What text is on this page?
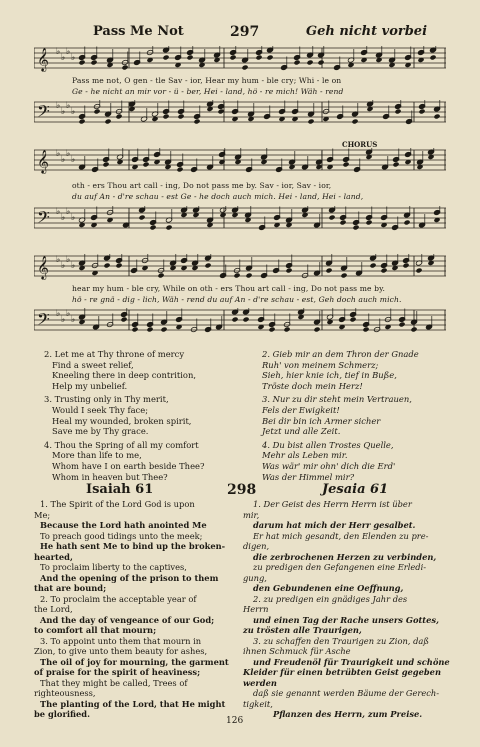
Pass Me Not	297	Geh nicht vorbei
𝄞 ♭
♭
♭
♭
Pass me not, O gen - tle Sav - ior, Hear my hum - ble cry; Whi - le on
Ge - he nicht an mir vor - ü - ber, Hei - land, hö - re mich! Wäh - rend
𝄢 ♭
♭
♭
♭
CHORUS
𝄞 ♭
♭
♭
♭
oth - ers Thou art call - ing, Do not pass me by. Sav - ior, Sav - ior,
du auf An - d're schau - est Ge - he doch auch mich. Hei - land, Hei - land,
𝄢 ♭
♭
♭
♭
𝄞 ♭
♭
♭
♭
hear my hum - ble cry, While on oth - ers Thou art call - ing, Do not pass me by.
hö - re gnä - dig - lich, Wäh - rend du auf An - d're schau - est, Geh doch auch mich.
𝄢 ♭
♭
♭
♭
2. Let me at Thy throne of mercy
Find a sweet relief,
Kneeling there in deep contrition,
Help my unbelief.
3. Trusting only in Thy merit,
Would I seek Thy face;
Heal my wounded, broken spirit,
Save me by Thy grace.
4. Thou the Spring of all my comfort
More than life to me,
Whom have I on earth beside Thee?
Whom in heaven but Thee?
2. Gieb mir an dem Thron der Gnade
Ruh' von meinem Schmerz;
Sieh, hier knie ich, tief in Buße,
Tröste doch mein Herz!
3. Nur zu dir steht mein Vertrauen,
Fels der Ewigkeit!
Bei dir bin ich Armer sicher
Jetzt und alle Zeit.
4. Du bist allen Trostes Quelle,
Mehr als Leben mir.
Was wär' mir ohn' dich die Erd'
Was der Himmel mir?
Isaiah 61	298	Jesaia 61
1. The Spirit of the Lord God is upon
Me;
Because the Lord hath anointed Me
To preach good tidings unto the meek;
He hath sent Me to bind up the broken-
hearted,
To proclaim liberty to the captives,
And the opening of the prison to them
that are bound;
2. To proclaim the acceptable year of
the Lord,
And the day of vengeance of our God;
to comfort all that mourn;
3. To appoint unto them that mourn in
Zion, to give unto them beauty for ashes,
The oil of joy for mourning, the garment
of praise for the spirit of heaviness;
That they might be called, Trees of
righteousness,
The planting of the Lord, that He might
be glorified.
1. Der Geist des Herrn Herrn ist über
mir,
darum hat mich der Herr gesalbet.
Er hat mich gesandt, den Elenden zu pre-
digen,
die zerbrochenen Herzen zu verbinden,
zu predigen den Gefangenen eine Erledi-
gung,
den Gebundenen eine Oeffnung,
2. zu predigen ein gnädiges Jahr des
Herrn
und einen Tag der Rache unsers Gottes,
zu trösten alle Traurigen,
3. zu schaffen den Traurigen zu Zion, daß
ihnen Schmuck für Asche
und Freudenöl für Traurigkeit und schöne
Kleider für einen betrübten Geist gegeben
werden
daß sie genannt werden Bäume der Gerech-
tigkeit,
Pflanzen des Herrn, zum Preise.
126
